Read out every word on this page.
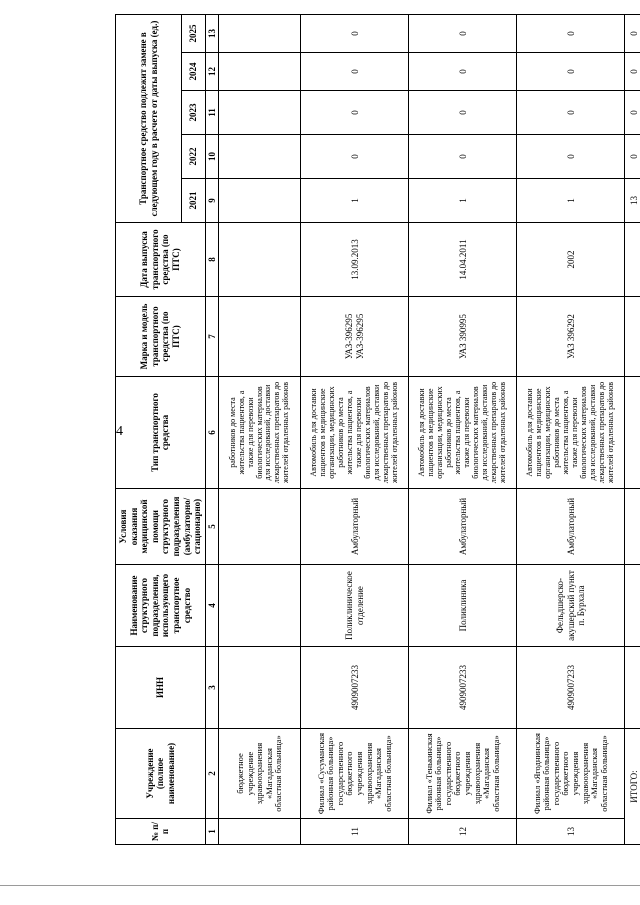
4
№ п/п	Учреждение (полное наименование)	ИНН	Наименование структурного подразделения, использующего транспортное средство	Условия оказания медицинской помощи структурного подразделения (амбулаторно/ стационарно)	Тип транспортного средства	Марка и модель транспортного средства (по ПТС)	Дата выпуска транспортного средства (по ПТС)	Транспортное средство подлежит замене в следующем году в расчете от даты выпуска (ед.)				
								2021	2022	2023	2024	2025
1	2	3	4	5	6	7	8	9	10	11	12	13
	бюджетное учреждение здравоохранения «Магаданская областная больница»				работников до места жительства пациентов, а также для перевозки биологических материалов для исследований, доставки лекарственных препаратов до жителей отдаленных районов							
11	Филиал «Сусуманская районная больница» государственного бюджетного учреждения здравоохранения «Магаданская областная больница»	4909007233	Поликлиническое отделение	Амбулаторный	Автомобиль для доставки пациентов в медицинские организации, медицинских работников до места жительства пациентов, а также для перевозки биологических материалов для исследований, доставки лекарственных препаратов до жителей отдаленных районов	УАЗ-396295 УАЗ-396295	13.09.2013	1	0	0	0	0
12	Филиал «Тенькинская районная больница» государственного бюджетного учреждения здравоохранения «Магаданская областная больница»	4909007233	Поликлиника	Амбулаторный	Автомобиль для доставки пациентов в медицинские организации, медицинских работников до места жительства пациентов, а также для перевозки биологических материалов для исследований, доставки лекарственных препаратов до жителей отдаленных районов	УАЗ 390995	14.04.2011	1	0	0	0	0
13	Филиал «Ягоднинская районная больница» государственного бюджетного учреждения здравоохранения «Магаданская областная больница»	4909007233	Фельдшерско-акушерский пункт п. Бурхала	Амбулаторный	Автомобиль для доставки пациентов в медицинские организации, медицинских работников до места жительства пациентов, а также для перевозки биологических материалов для исследований, доставки лекарственных препаратов до жителей отдаленных районов	УАЗ 396292	2002	1	0	0	0	0
ИТОГО:								13	0	0	0	0
